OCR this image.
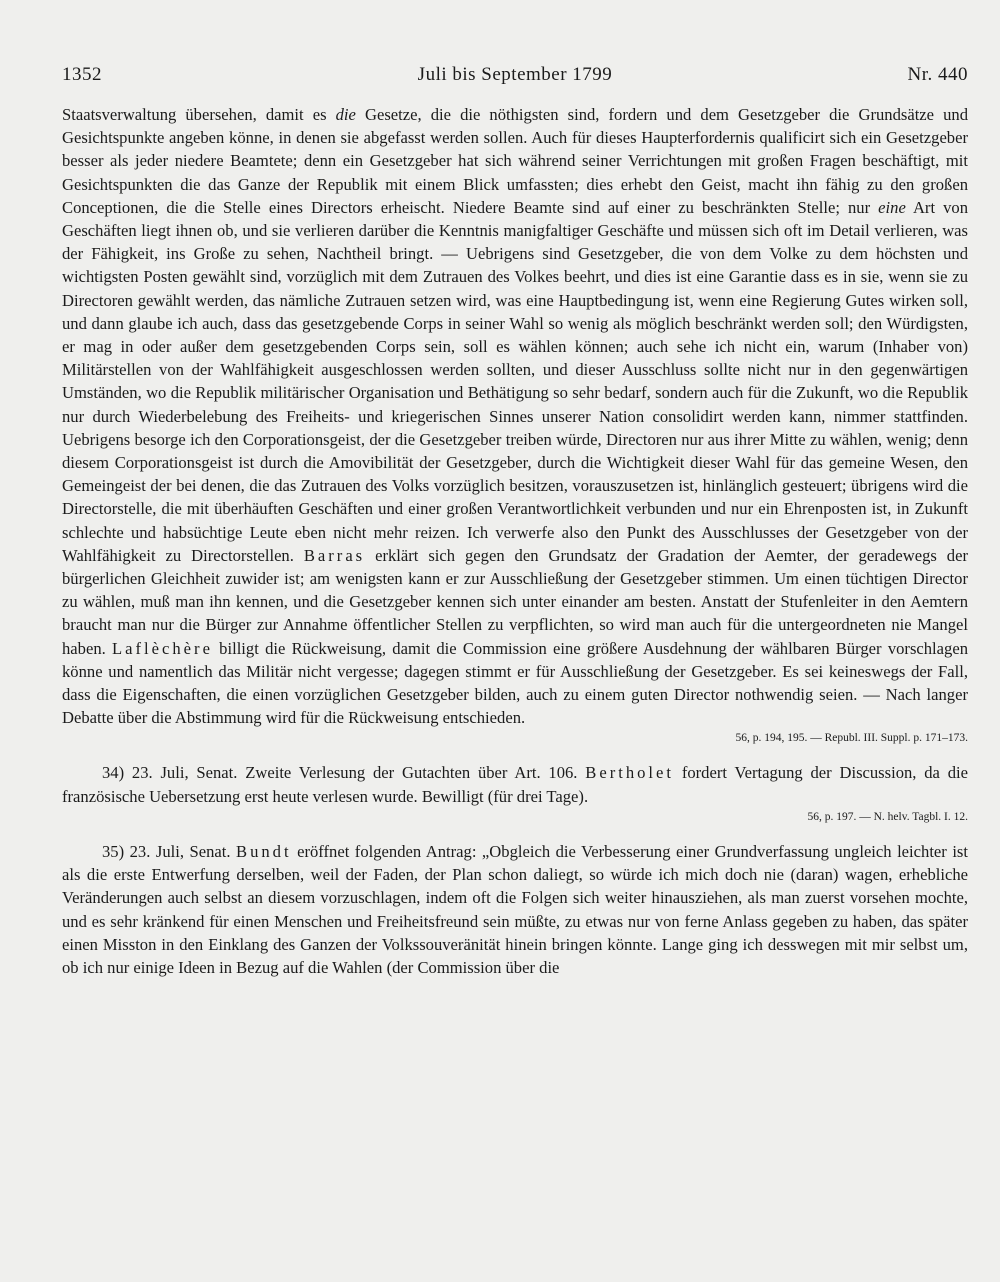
1352	Juli bis September 1799	Nr. 440

Staatsverwaltung übersehen, damit es die Gesetze, die die nöthigsten sind, fordern und dem Gesetzgeber die Grundsätze und Gesichtspunkte angeben könne, in denen sie abgefasst werden sollen. Auch für dieses Haupterfordernis qualificirt sich ein Gesetzgeber besser als jeder niedere Beamtete; denn ein Gesetzgeber hat sich während seiner Verrichtungen mit großen Fragen beschäftigt, mit Gesichtspunkten die das Ganze der Republik mit einem Blick umfassten; dies erhebt den Geist, macht ihn fähig zu den großen Conceptionen, die die Stelle eines Directors erheischt. Niedere Beamte sind auf einer zu beschränkten Stelle; nur eine Art von Geschäften liegt ihnen ob, und sie verlieren darüber die Kenntnis manigfaltiger Geschäfte und müssen sich oft im Detail verlieren, was der Fähigkeit, ins Große zu sehen, Nachtheil bringt. — Uebrigens sind Gesetzgeber, die von dem Volke zu dem höchsten und wichtigsten Posten gewählt sind, vorzüglich mit dem Zutrauen des Volkes beehrt, und dies ist eine Garantie dass es in sie, wenn sie zu Directoren gewählt werden, das nämliche Zutrauen setzen wird, was eine Hauptbedingung ist, wenn eine Regierung Gutes wirken soll, und dann glaube ich auch, dass das gesetzgebende Corps in seiner Wahl so wenig als möglich beschränkt werden soll; den Würdigsten, er mag in oder außer dem gesetzgebenden Corps sein, soll es wählen können; auch sehe ich nicht ein, warum (Inhaber von) Militärstellen von der Wahlfähigkeit ausgeschlossen werden sollten, und dieser Ausschluss sollte nicht nur in den gegenwärtigen Umständen, wo die Republik militärischer Organisation und Bethätigung so sehr bedarf, sondern auch für die Zukunft, wo die Republik nur durch Wiederbelebung des Freiheits- und kriegerischen Sinnes unserer Nation consolidirt werden kann, nimmer stattfinden. Uebrigens besorge ich den Corporationsgeist, der die Gesetzgeber treiben würde, Directoren nur aus ihrer Mitte zu wählen, wenig; denn diesem Corporationsgeist ist durch die Amovibilität der Gesetzgeber, durch die Wichtigkeit dieser Wahl für das gemeine Wesen, den Gemeingeist der bei denen, die das Zutrauen des Volks vorzüglich besitzen, vorauszusetzen ist, hinlänglich gesteuert; übrigens wird die Directorstelle, die mit überhäuften Geschäften und einer großen Verantwortlichkeit verbunden und nur ein Ehrenposten ist, in Zukunft schlechte und habsüchtige Leute eben nicht mehr reizen. Ich verwerfe also den Punkt des Ausschlusses der Gesetzgeber von der Wahlfähigkeit zu Directorstellen. Barras erklärt sich gegen den Grundsatz der Gradation der Aemter, der geradewegs der bürgerlichen Gleichheit zuwider ist; am wenigsten kann er zur Ausschließung der Gesetzgeber stimmen. Um einen tüchtigen Director zu wählen, muß man ihn kennen, und die Gesetzgeber kennen sich unter einander am besten. Anstatt der Stufenleiter in den Aemtern braucht man nur die Bürger zur Annahme öffentlicher Stellen zu verpflichten, so wird man auch für die untergeordneten nie Mangel haben. Laflèchère billigt die Rückweisung, damit die Commission eine größere Ausdehnung der wählbaren Bürger vorschlagen könne und namentlich das Militär nicht vergesse; dagegen stimmt er für Ausschließung der Gesetzgeber. Es sei keineswegs der Fall, dass die Eigenschaften, die einen vorzüglichen Gesetzgeber bilden, auch zu einem guten Director nothwendig seien. — Nach langer Debatte über die Abstimmung wird für die Rückweisung entschieden.
56, p. 194, 195. — Republ. III. Suppl. p. 171–173.

34) 23. Juli, Senat. Zweite Verlesung der Gutachten über Art. 106. Bertholet fordert Vertagung der Discussion, da die französische Uebersetzung erst heute verlesen wurde. Bewilligt (für drei Tage).
56, p. 197. — N. helv. Tagbl. I. 12.

35) 23. Juli, Senat. Bundt eröffnet folgenden Antrag: „Obgleich die Verbesserung einer Grundverfassung ungleich leichter ist als die erste Entwerfung derselben, weil der Faden, der Plan schon daliegt, so würde ich mich doch nie (daran) wagen, erhebliche Veränderungen auch selbst an diesem vorzuschlagen, indem oft die Folgen sich weiter hinausziehen, als man zuerst vorsehen mochte, und es sehr kränkend für einen Menschen und Freiheitsfreund sein müßte, zu etwas nur von ferne Anlass gegeben zu haben, das später einen Misston in den Einklang des Ganzen der Volkssouveränität hinein bringen könnte. Lange ging ich desswegen mit mir selbst um, ob ich nur einige Ideen in Bezug auf die Wahlen (der Commission über die
